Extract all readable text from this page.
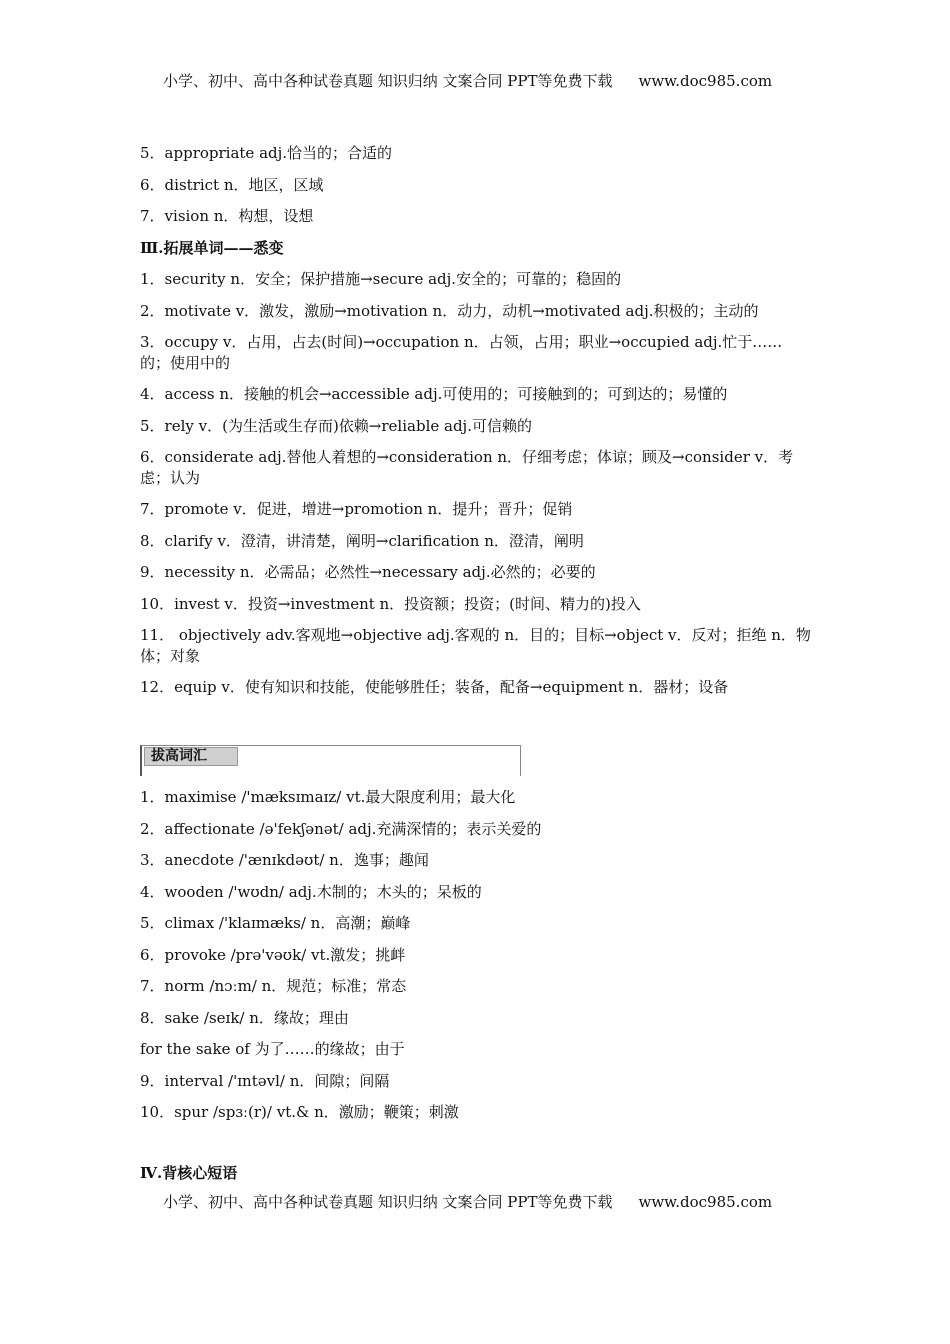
小学、初中、高中各种试卷真题 知识归纳 文案合同 PPT等免费下载 www.doc985.com
5．appropriate adj.恰当的；合适的
6．district n．地区，区域
7．vision n．构想，设想
Ⅲ.拓展单词——悉变
1．security n．安全；保护措施→secure adj.安全的；可靠的；稳固的
2．motivate v．激发，激励→motivation n．动力，动机→motivated adj.积极的；主动的
3．occupy v．占用，占去(时间)→occupation n．占领，占用；职业→occupied adj.忙于……的；使用中的
4．access n．接触的机会→accessible adj.可使用的；可接触到的；可到达的；易懂的
5．rely v．(为生活或生存而)依赖→reliable adj.可信赖的
6．considerate adj.替他人着想的→consideration n．仔细考虑；体谅；顾及→consider v．考虑；认为
7．promote v．促进，增进→promotion n．提升；晋升；促销
8．clarify v．澄清，讲清楚，阐明→clarification n．澄清，阐明
9．necessity n．必需品；必然性→necessary adj.必然的；必要的
10．invest v．投资→investment n．投资额；投资；(时间、精力的)投入
11． objectively adv.客观地→objective adj.客观的 n．目的；目标→object v．反对；拒绝 n．物体；对象
12．equip v．使有知识和技能，使能够胜任；装备，配备→equipment n．器材；设备
拔高词汇
1．maximise /'mæksɪmaɪz/ vt.最大限度利用；最大化
2．affectionate /ə'fekʃənət/ adj.充满深情的；表示关爱的
3．anecdote /'ænɪkdəʊt/ n．逸事；趣闻
4．wooden /'wʊdn/ adj.木制的；木头的；呆板的
5．climax /'klaɪmæks/ n．高潮；巅峰
6．provoke /prə'vəʊk/ vt.激发；挑衅
7．norm /nɔːm/ n．规范；标准；常态
8．sake /seɪk/ n．缘故；理由
for the sake of 为了……的缘故；由于
9．interval /'ɪntəvl/ n．间隙；间隔
10．spur /spɜː(r)/ vt.& n．激励；鞭策；刺激
Ⅳ.背核心短语
小学、初中、高中各种试卷真题 知识归纳 文案合同 PPT等免费下载 www.doc985.com
